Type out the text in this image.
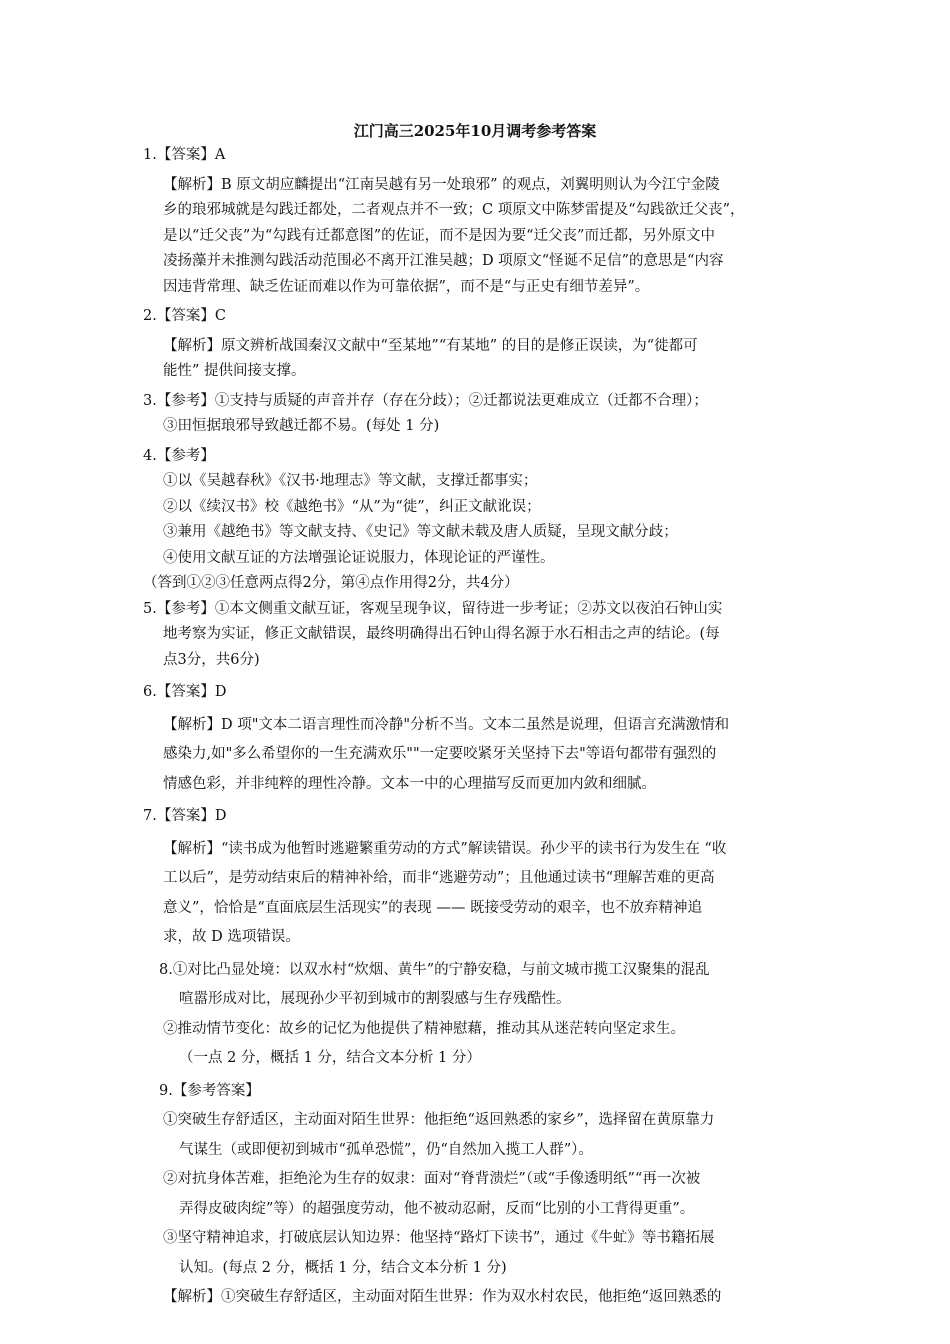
江门高三2025年10月调考参考答案

1.【答案】A

【解析】B 原文胡应麟提出“江南吴越有另一处琅邪” 的观点，刘翼明则认为今江宁金陵

乡的琅邪城就是勾践迁都处，二者观点并不一致；C 项原文中陈梦雷提及“勾践欲迁父丧”，

是以“迁父丧”为“勾践有迁都意图”的佐证，而不是因为要“迁父丧”而迁都，另外原文中

凌扬藻并未推测勾践活动范围必不离开江淮吴越；D 项原文“怪诞不足信”的意思是“内容

因违背常理、缺乏佐证而难以作为可靠依据”，而不是“与正史有细节差异”。

2.【答案】C

【解析】原文辨析战国秦汉文献中“至某地”“有某地” 的目的是修正误读，为“徙都可

能性” 提供间接支撑。

3.【参考】①支持与质疑的声音并存（存在分歧）；②迁都说法更难成立（迁都不合理）；

③田恒据琅邪导致越迁都不易。(每处 1 分)

4.【参考】

①以《吴越春秋》《汉书·地理志》等文献，支撑迁都事实；

②以《续汉书》校《越绝书》“从”为“徙”，纠正文献讹误；

③兼用《越绝书》等文献支持、《史记》等文献未载及唐人质疑，呈现文献分歧；

④使用文献互证的方法增强论证说服力，体现论证的严谨性。

（答到①②③任意两点得2分，第④点作用得2分，共4分）

5.【参考】①本文侧重文献互证，客观呈现争议，留待进一步考证；②苏文以夜泊石钟山实

地考察为实证，修正文献错误，最终明确得出石钟山得名源于水石相击之声的结论。(每

点3分，共6分)

6.【答案】D

【解析】D 项"文本二语言理性而冷静"分析不当。文本二虽然是说理，但语言充满激情和

感染力,如"多么希望你的一生充满欢乐""一定要咬紧牙关坚持下去"等语句都带有强烈的

情感色彩，并非纯粹的理性冷静。文本一中的心理描写反而更加内敛和细腻。

7.【答案】D

【解析】“读书成为他暂时逃避繁重劳动的方式”解读错误。孙少平的读书行为发生在 “收

工以后”，是劳动结束后的精神补给，而非“逃避劳动”；且他通过读书“理解苦难的更高

意义”，恰恰是“直面底层生活现实”的表现 —— 既接受劳动的艰辛，也不放弃精神追

求，故 D 选项错误。

8.①对比凸显处境：以双水村“炊烟、黄牛”的宁静安稳，与前文城市揽工汉聚集的混乱

喧嚣形成对比，展现孙少平初到城市的割裂感与生存残酷性。

②推动情节变化：故乡的记忆为他提供了精神慰藉，推动其从迷茫转向坚定求生。

（一点 2 分，概括 1 分，结合文本分析 1 分）

9.【参考答案】

①突破生存舒适区，主动面对陌生世界：他拒绝“返回熟悉的家乡”，选择留在黄原靠力

气谋生（或即便初到城市“孤单恐慌”，仍“自然加入揽工人群”）。

②对抗身体苦难，拒绝沦为生存的奴隶：面对“脊背溃烂”（或“手像透明纸”“再一次被

弄得皮破肉绽”等）的超强度劳动，他不被动忍耐，反而“比别的小工背得更重”。

③坚守精神追求，打破底层认知边界：他坚持“路灯下读书”，通过《牛虻》等书籍拓展

认知。(每点 2 分，概括 1 分，结合文本分析 1 分)

【解析】①突破生存舒适区，主动面对陌生世界：作为双水村农民，他拒绝“返回熟悉的
